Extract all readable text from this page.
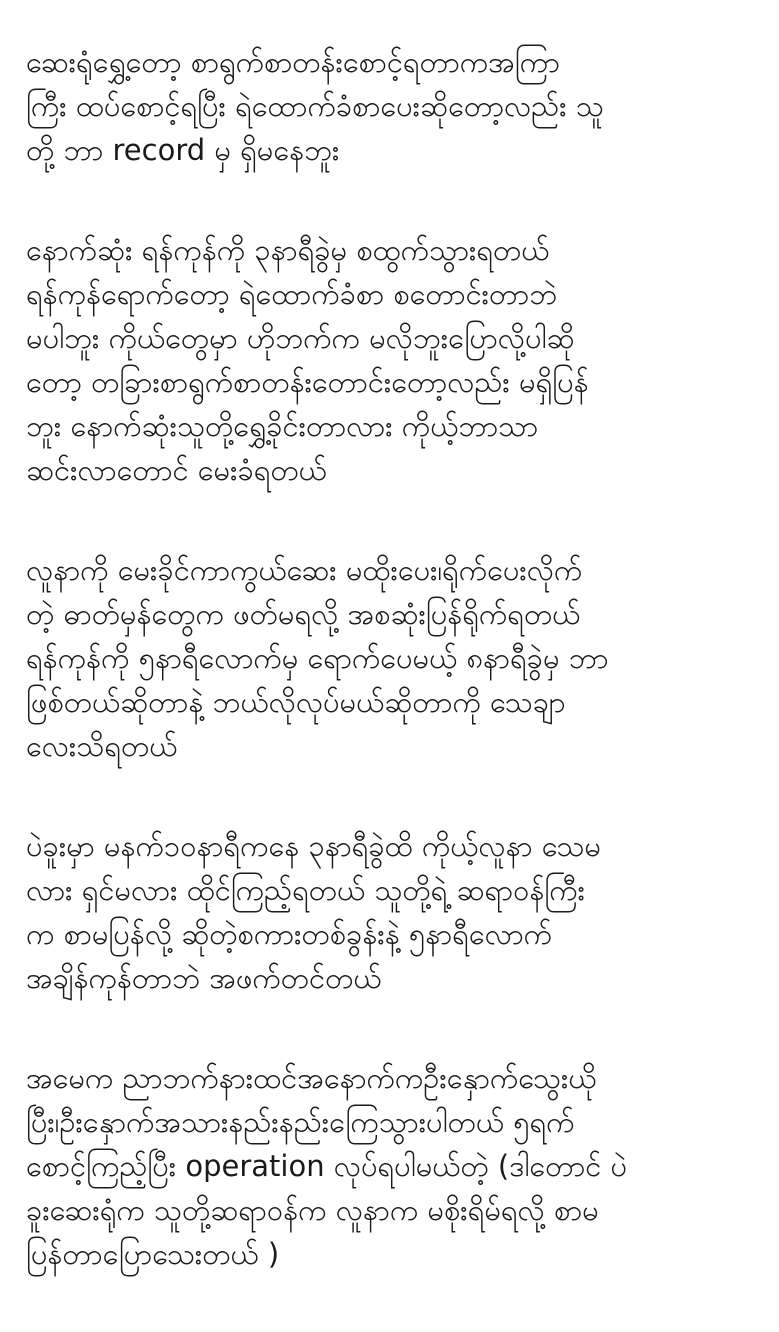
ဆေးရုံရွှေ့တော့ စာရွက်စာတန်းစောင့်ရတာကအကြာ
ကြီး ထပ်စောင့်ရပြီး ရဲထောက်ခံစာပေးဆိုတော့လည်း သူ
တို့ ဘာ record မှ ရှိမနေဘူး
နောက်ဆုံး ရန်ကုန်ကို ၃နာရီခွဲမှ စထွက်သွားရတယ်
ရန်ကုန်ရောက်တော့ ရဲထောက်ခံစာ စတောင်းတာဘဲ
မပါဘူး ကိုယ်တွေမှာ ဟိုဘက်က မလိုဘူးပြောလို့ပါဆို
တော့ တခြားစာရွက်စာတန်းတောင်းတော့လည်း မရှိပြန်
ဘူး နောက်ဆုံးသူတို့ရွှေ့ခိုင်းတာလား ကိုယ့်ဘာသာ
ဆင်းလာတောင် မေးခံရတယ်
လူနာကို မေးခိုင်ကာကွယ်ဆေး မထိုးပေး၊ရိုက်ပေးလိုက်
တဲ့ ဓာတ်မှန်တွေက ဖတ်မရလို့ အစဆုံးပြန်ရိုက်ရတယ်
ရန်ကုန်ကို ၅နာရီလောက်မှ ရောက်ပေမယ့် ၈နာရီခွဲမှ ဘာ
ဖြစ်တယ်ဆိုတာနဲ့ ဘယ်လိုလုပ်မယ်ဆိုတာကို သေချာ
လေးသိရတယ်
ပဲခူးမှာ မနက်၁၀နာရီကနေ ၃နာရီခွဲထိ ကိုယ့်လူနာ သေမ
လား ရှင်မလား ထိုင်ကြည့်ရတယ် သူတို့ရဲ့ ဆရာဝန်ကြီး
က စာမပြန်လို့ ဆိုတဲ့စကားတစ်ခွန်းနဲ့ ၅နာရီလောက်
အချိန်ကုန်တာဘဲ အဖက်တင်တယ်
အမေက ညာဘက်နားထင်အနောက်ကဦးနှောက်သွေးယို
ပြီး၊ဦးနှောက်အသားနည်းနည်းကြေသွားပါတယ် ၅ရက်
စောင့်ကြည့်ပြီး operation လုပ်ရပါမယ်တဲ့ (ဒါတောင် ပဲ
ခူးဆေးရုံက သူတို့ဆရာဝန်က လူနာက မစိုးရိမ်ရလို့ စာမ
ပြန်တာပြောသေးတယ် )
